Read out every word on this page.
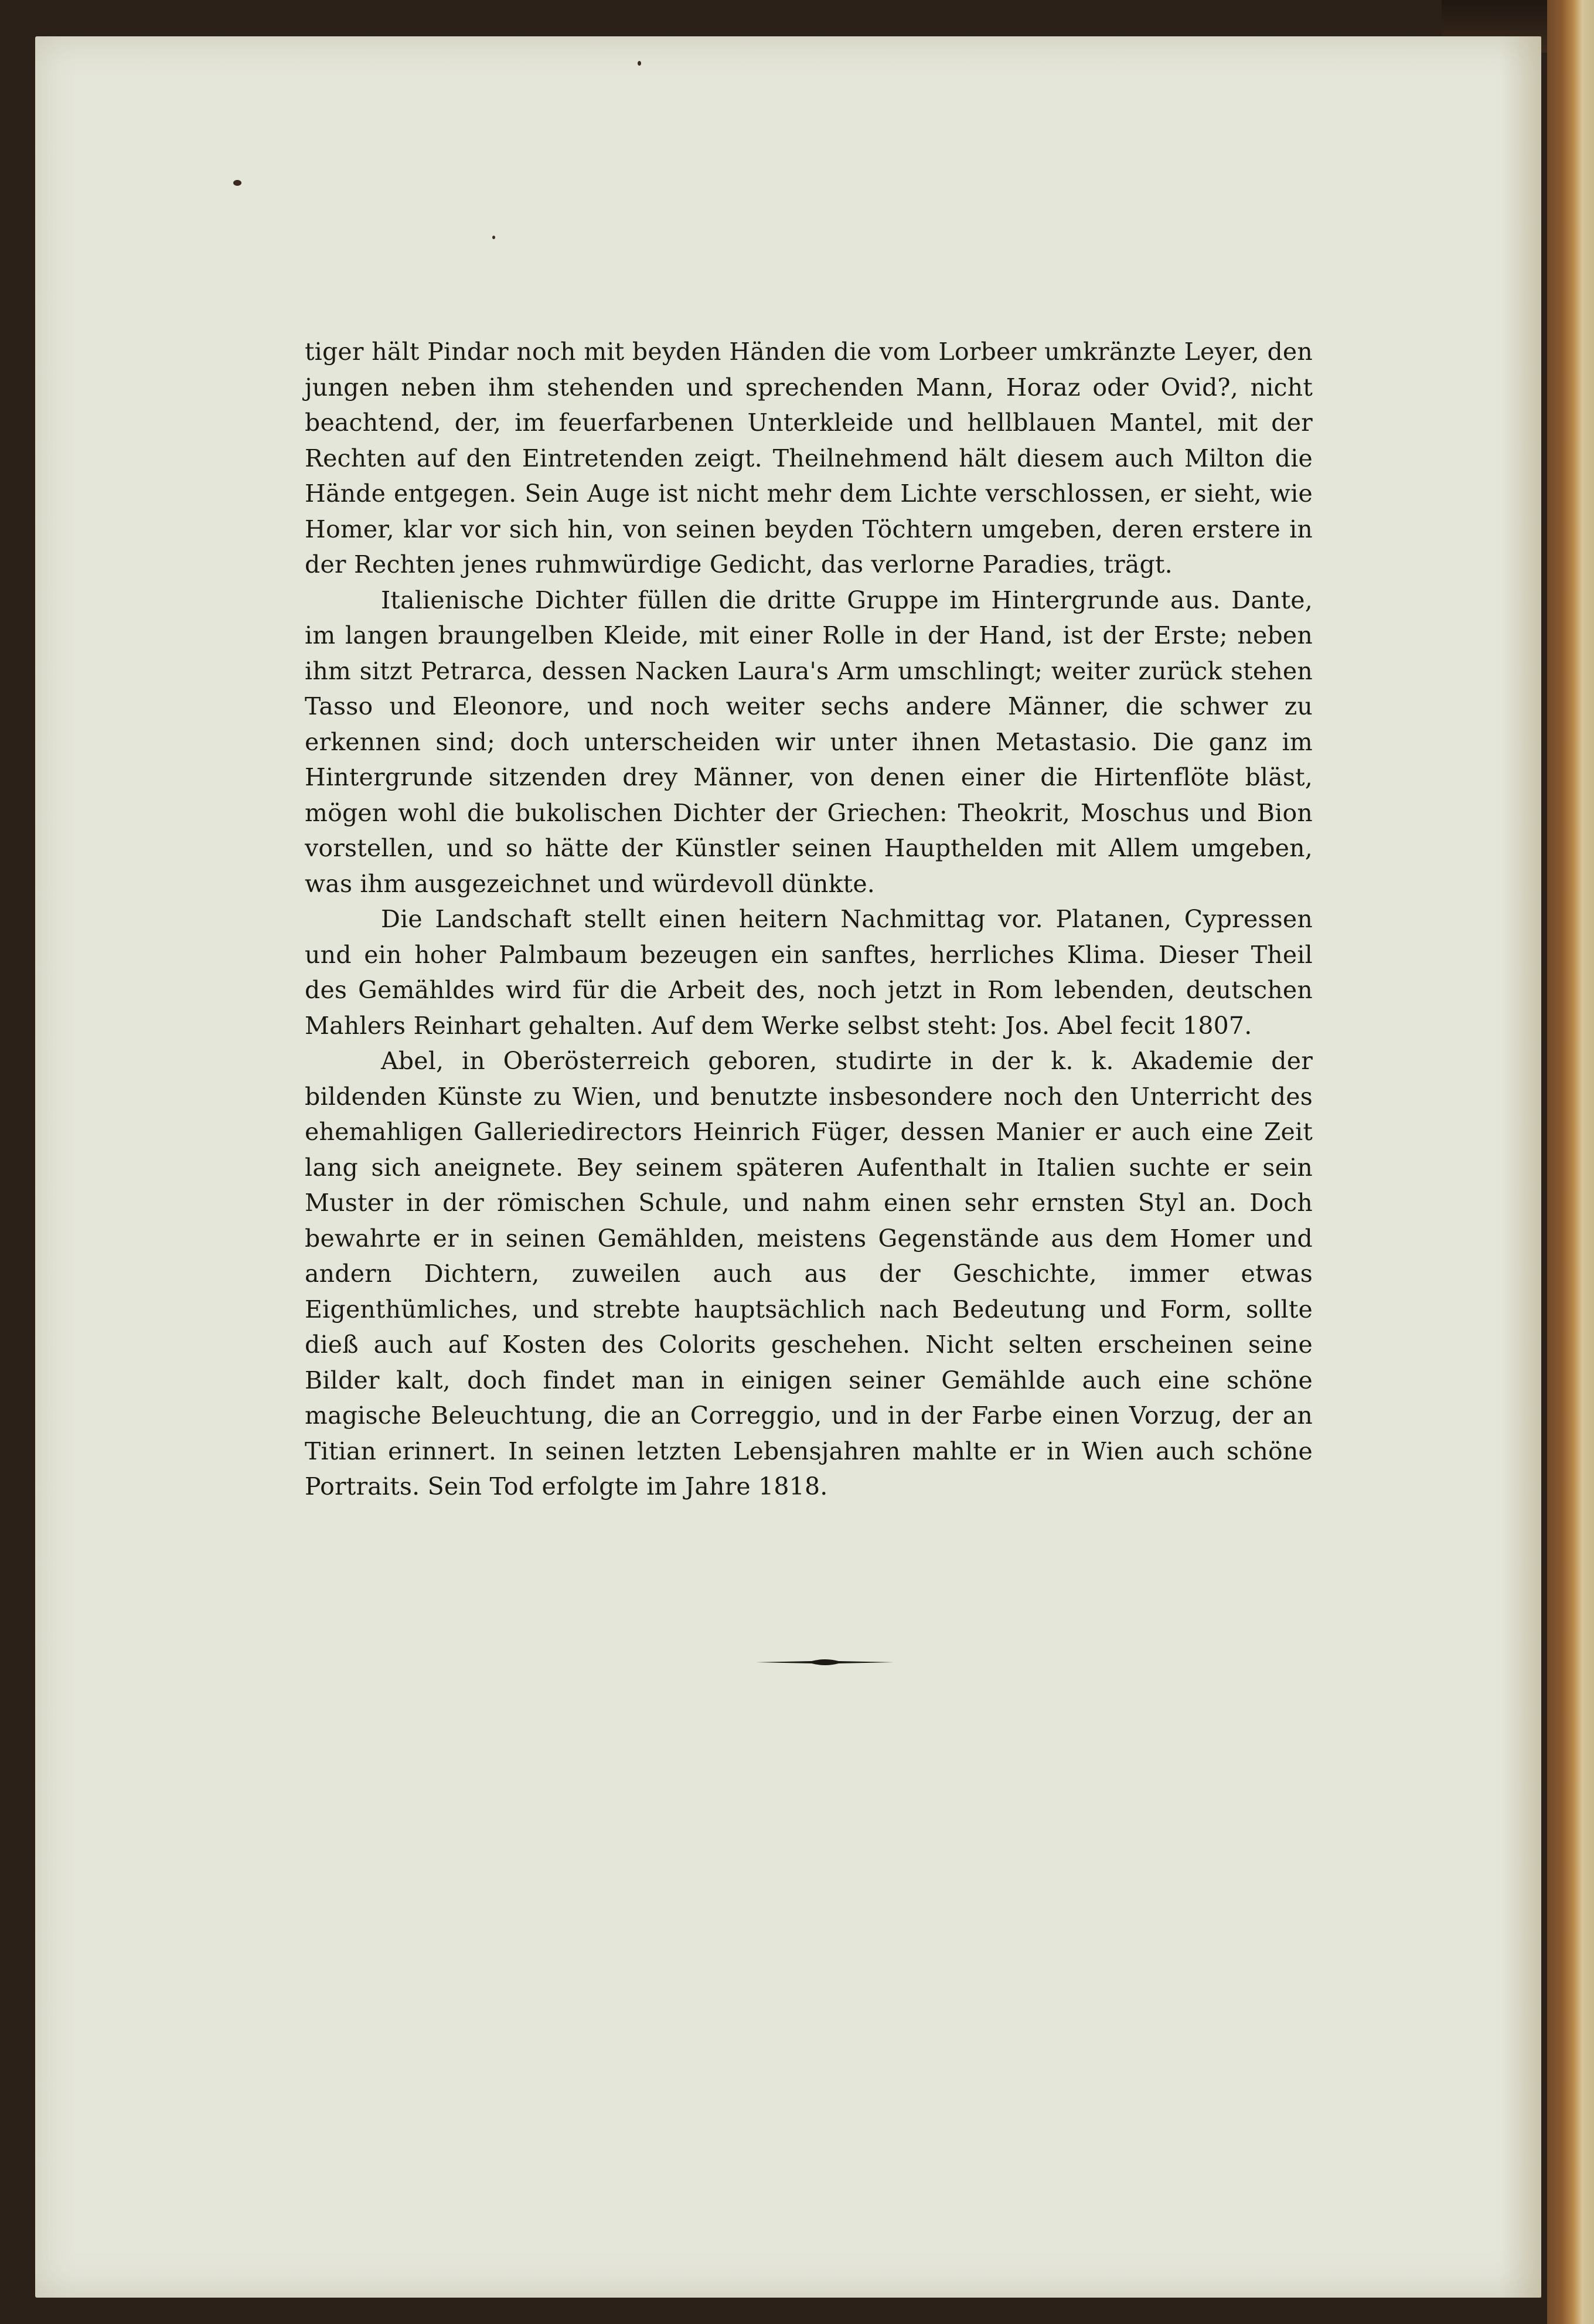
tiger hält Pindar noch mit beyden Händen die vom Lorbeer umkränzte Leyer, den jungen neben ihm stehenden und sprechenden Mann, Horaz oder Ovid?, nicht beachtend, der, im feuerfarbenen Unterkleide und hellblauen Mantel, mit der Rechten auf den Eintretenden zeigt. Theilnehmend hält diesem auch Milton die Hände entgegen. Sein Auge ist nicht mehr dem Lichte verschlossen, er sieht, wie Homer, klar vor sich hin, von seinen beyden Töchtern umgeben, deren erstere in der Rechten jenes ruhmwürdige Gedicht, das verlorne Paradies, trägt.

Italienische Dichter füllen die dritte Gruppe im Hintergrunde aus. Dante, im langen braungelben Kleide, mit einer Rolle in der Hand, ist der Erste; neben ihm sitzt Petrarca, dessen Nacken Laura's Arm umschlingt; weiter zurück stehen Tasso und Eleonore, und noch weiter sechs andere Männer, die schwer zu erkennen sind; doch unterscheiden wir unter ihnen Metastasio. Die ganz im Hintergrunde sitzenden drey Männer, von denen einer die Hirtenflöte bläst, mögen wohl die bukolischen Dichter der Griechen: Theokrit, Moschus und Bion vorstellen, und so hätte der Künstler seinen Haupthelden mit Allem umgeben, was ihm ausgezeichnet und würdevoll dünkte.

Die Landschaft stellt einen heitern Nachmittag vor. Platanen, Cypressen und ein hoher Palmbaum bezeugen ein sanftes, herrliches Klima. Dieser Theil des Gemähldes wird für die Arbeit des, noch jetzt in Rom lebenden, deutschen Mahlers Reinhart gehalten. Auf dem Werke selbst steht: Jos. Abel fecit 1807.

Abel, in Oberösterreich geboren, studirte in der k. k. Akademie der bildenden Künste zu Wien, und benutzte insbesondere noch den Unterricht des ehemahligen Galleriedirectors Heinrich Füger, dessen Manier er auch eine Zeit lang sich aneignete. Bey seinem späteren Aufenthalt in Italien suchte er sein Muster in der römischen Schule, und nahm einen sehr ernsten Styl an. Doch bewahrte er in seinen Gemählden, meistens Gegenstände aus dem Homer und andern Dichtern, zuweilen auch aus der Geschichte, immer etwas Eigenthümliches, und strebte hauptsächlich nach Bedeutung und Form, sollte dieß auch auf Kosten des Colorits geschehen. Nicht selten erscheinen seine Bilder kalt, doch findet man in einigen seiner Gemählde auch eine schöne magische Beleuchtung, die an Correggio, und in der Farbe einen Vorzug, der an Titian erinnert. In seinen letzten Lebensjahren mahlte er in Wien auch schöne Portraits. Sein Tod erfolgte im Jahre 1818.
